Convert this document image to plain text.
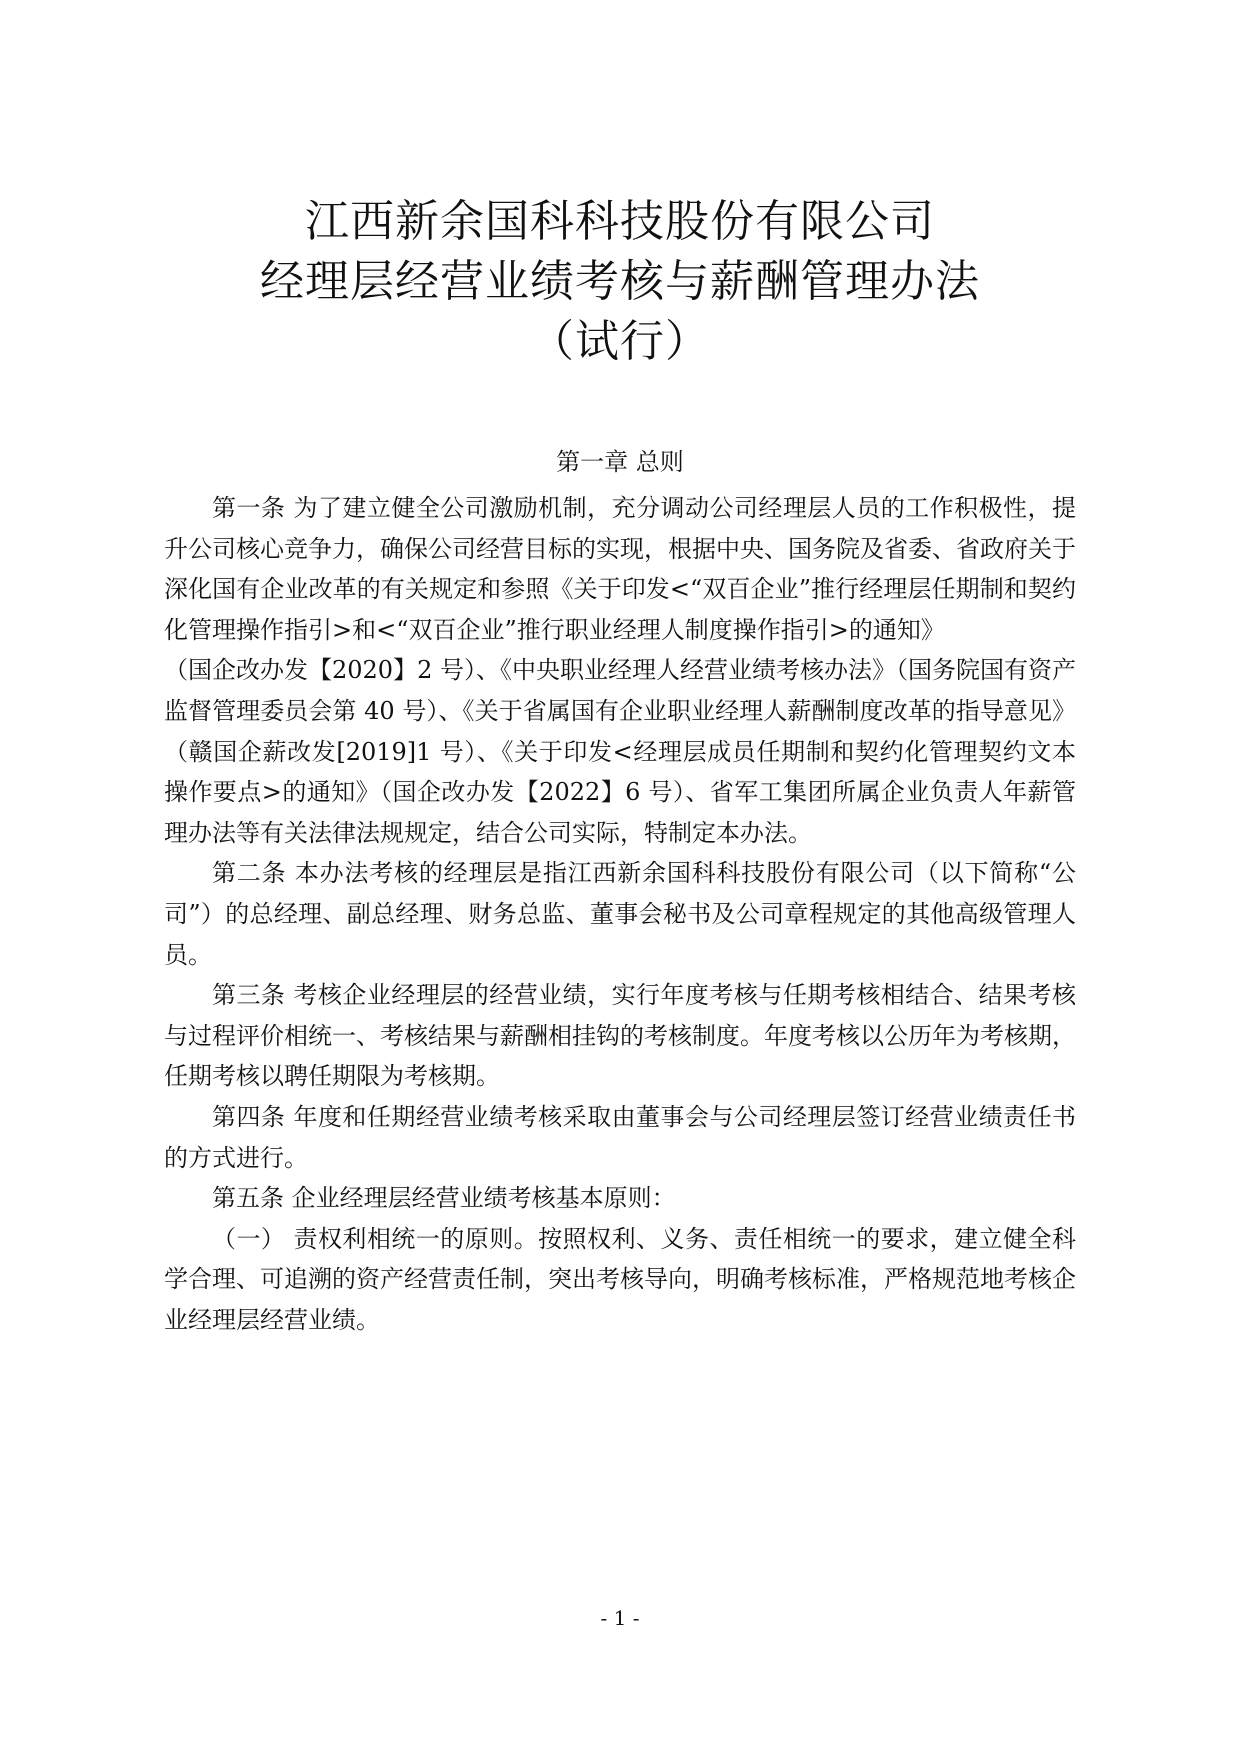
江西新余国科科技股份有限公司
经理层经营业绩考核与薪酬管理办法
（试行）
第一章 总则

第一条 为了建立健全公司激励机制，充分调动公司经理层人员的工作积极性，提升公司核心竞争力，确保公司经营目标的实现，根据中央、国务院及省委、省政府关于深化国有企业改革的有关规定和参照《关于印发<“双百企业”推行经理层任期制和契约化管理操作指引>和<“双百企业”推行职业经理人制度操作指引>的通知》

（国企改办发【2020】2 号）、《中央职业经理人经营业绩考核办法》（国务院国有资产监督管理委员会第 40 号）、《关于省属国有企业职业经理人薪酬制度改革的指导意见》（赣国企薪改发[2019]1 号）、《关于印发<经理层成员任期制和契约化管理契约文本操作要点>的通知》（国企改办发【2022】6 号）、省军工集团所属企业负责人年薪管理办法等有关法律法规规定，结合公司实际，特制定本办法。

第二条 本办法考核的经理层是指江西新余国科科技股份有限公司（以下简称“公司”）的总经理、副总经理、财务总监、董事会秘书及公司章程规定的其他高级管理人员。

第三条 考核企业经理层的经营业绩，实行年度考核与任期考核相结合、结果考核与过程评价相统一、考核结果与薪酬相挂钩的考核制度。年度考核以公历年为考核期，任期考核以聘任期限为考核期。

第四条 年度和任期经营业绩考核采取由董事会与公司经理层签订经营业绩责任书的方式进行。

第五条 企业经理层经营业绩考核基本原则：

（一） 责权利相统一的原则。按照权利、义务、责任相统一的要求，建立健全科学合理、可追溯的资产经营责任制，突出考核导向，明确考核标准，严格规范地考核企业经理层经营业绩。

- 1 -
